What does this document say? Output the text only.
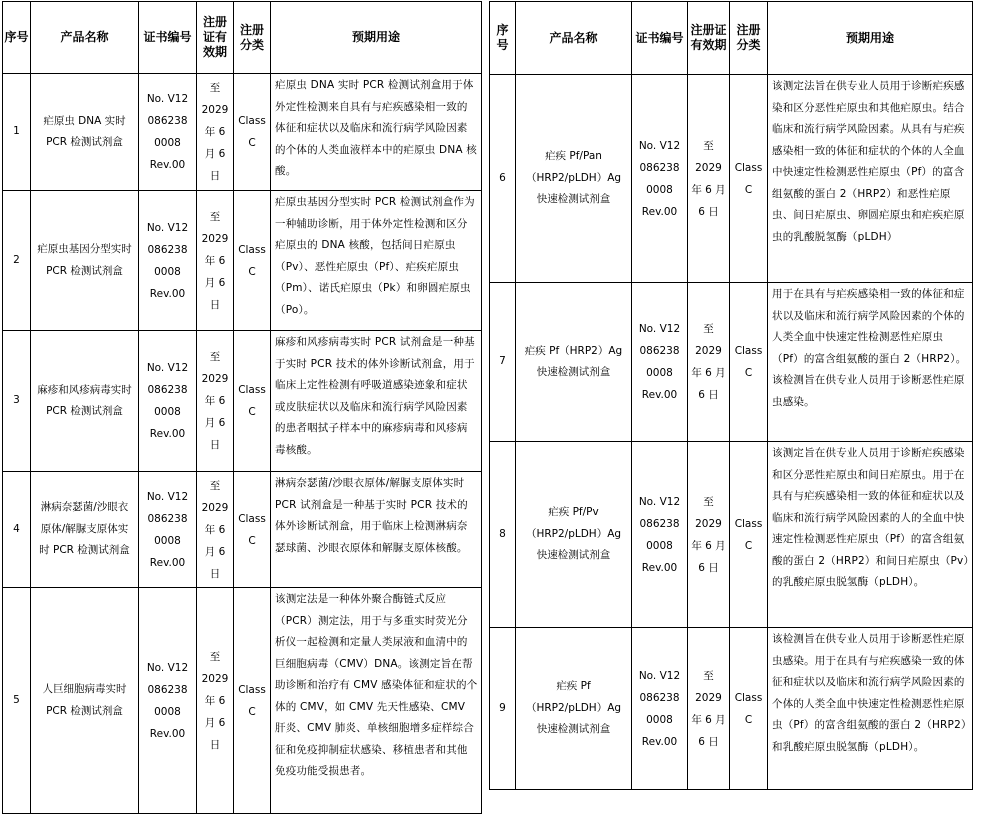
序号	产品名称	证书编号	注册证有效期	注册分类	预期用途
1	疟原虫 DNA 实时 PCR 检测试剂盒	No. V12 086238 0008 Rev.00	至 2029 年 6 月 6 日	Class C	疟原虫 DNA 实时 PCR 检测试剂盒用于体外定性检测来自具有与疟疾感染相一致的体征和症状以及临床和流行病学风险因素的个体的人类血液样本中的疟原虫 DNA 核酸。
2	疟原虫基因分型实时 PCR 检测试剂盒	No. V12 086238 0008 Rev.00	至 2029 年 6 月 6 日	Class C	疟原虫基因分型实时 PCR 检测试剂盒作为一种辅助诊断，用于体外定性检测和区分疟原虫的 DNA 核酸，包括间日疟原虫（Pv）、恶性疟原虫（Pf）、疟疾疟原虫（Pm）、诺氏疟原虫（Pk）和卵圆疟原虫（Po）。
3	麻疹和风疹病毒实时 PCR 检测试剂盒	No. V12 086238 0008 Rev.00	至 2029 年 6 月 6 日	Class C	麻疹和风疹病毒实时 PCR 试剂盒是一种基于实时 PCR 技术的体外诊断试剂盒，用于临床上定性检测有呼吸道感染迹象和症状或皮肤症状以及临床和流行病学风险因素的患者咽拭子样本中的麻疹病毒和风疹病毒核酸。
4	淋病奈瑟菌/沙眼衣原体/解脲支原体实时 PCR 检测试剂盒	No. V12 086238 0008 Rev.00	至 2029 年 6 月 6 日	Class C	淋病奈瑟菌/沙眼衣原体/解脲支原体实时 PCR 试剂盒是一种基于实时 PCR 技术的体外诊断试剂盒，用于临床上检测淋病奈瑟球菌、沙眼衣原体和解脲支原体核酸。
5	人巨细胞病毒实时 PCR 检测试剂盒	No. V12 086238 0008 Rev.00	至 2029 年 6 月 6 日	Class C	该测定法是一种体外聚合酶链式反应（PCR）测定法，用于与多重实时荧光分析仪一起检测和定量人类尿液和血清中的巨细胞病毒（CMV）DNA。该测定旨在帮助诊断和治疗有 CMV 感染体征和症状的个体的 CMV，如 CMV 先天性感染、CMV 肝炎、CMV 肺炎、单核细胞增多症样综合征和免疫抑制症状感染、移植患者和其他免疫功能受损患者。
序号	产品名称	证书编号	注册证有效期	注册分类	预期用途
6	疟疾 Pf/Pan（HRP2/pLDH）Ag 快速检测试剂盒	No. V12 086238 0008 Rev.00	至 2029 年 6 月 6 日	Class C	该测定法旨在供专业人员用于诊断疟疾感染和区分恶性疟原虫和其他疟原虫。结合临床和流行病学风险因素。从具有与疟疾感染相一致的体征和症状的个体的人全血中快速定性检测恶性疟原虫（Pf）的富含组氨酸的蛋白 2（HRP2）和恶性疟原虫、间日疟原虫、卵圆疟原虫和疟疾疟原虫的乳酸脱氢酶（pLDH）
7	疟疾 Pf（HRP2）Ag 快速检测试剂盒	No. V12 086238 0008 Rev.00	至 2029 年 6 月 6 日	Class C	用于在具有与疟疾感染相一致的体征和症状以及临床和流行病学风险因素的个体的人类全血中快速定性检测恶性疟原虫（Pf）的富含组氨酸的蛋白 2（HRP2）。该检测旨在供专业人员用于诊断恶性疟原虫感染。
8	疟疾 Pf/Pv（HRP2/pLDH）Ag 快速检测试剂盒	No. V12 086238 0008 Rev.00	至 2029 年 6 月 6 日	Class C	该测定旨在供专业人员用于诊断疟疾感染和区分恶性疟原虫和间日疟原虫。用于在具有与疟疾感染相一致的体征和症状以及临床和流行病学风险因素的人的全血中快速定性检测恶性疟原虫（Pf）的富含组氨酸的蛋白 2（HRP2）和间日疟原虫（Pv）的乳酸疟原虫脱氢酶（pLDH）。
9	疟疾 Pf（HRP2/pLDH）Ag 快速检测试剂盒	No. V12 086238 0008 Rev.00	至 2029 年 6 月 6 日	Class C	该检测旨在供专业人员用于诊断恶性疟原虫感染。用于在具有与疟疾感染一致的体征和症状以及临床和流行病学风险因素的个体的人类全血中快速定性检测恶性疟原虫（Pf）的富含组氨酸的蛋白 2（HRP2）和乳酸疟原虫脱氢酶（pLDH）。
